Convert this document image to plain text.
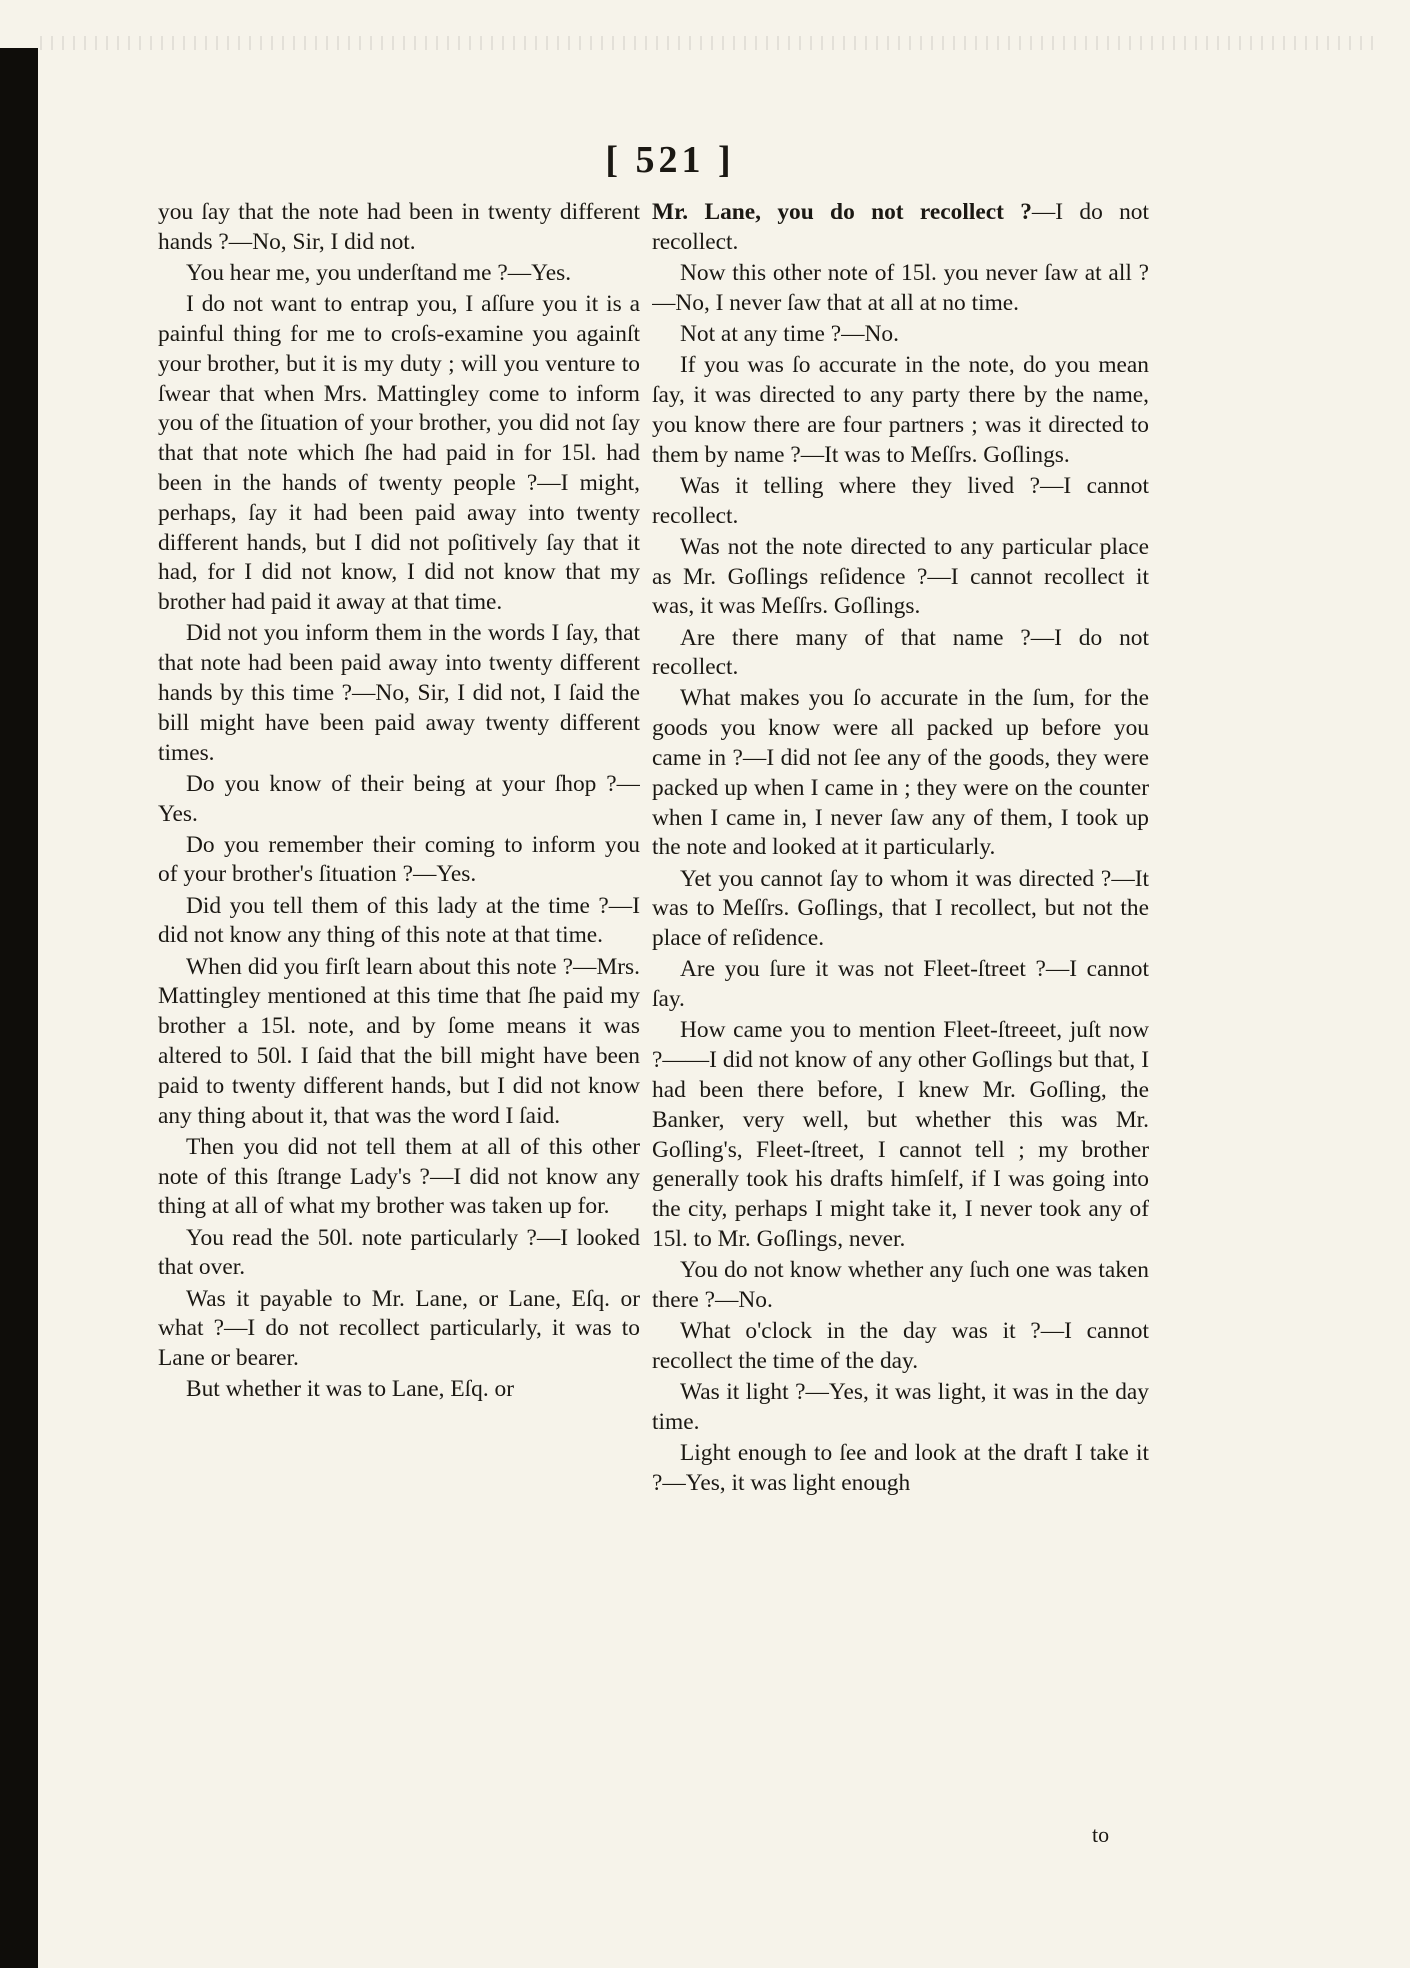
[ 521 ]

you ſay that the note had been in twenty different hands ?—No, Sir, I did not.

You hear me, you underſtand me ?—Yes.

I do not want to entrap you, I aſſure you it is a painful thing for me to croſs-examine you againſt your brother, but it is my duty ; will you venture to ſwear that when Mrs. Mattingley come to inform you of the ſituation of your brother, you did not ſay that that note which ſhe had paid in for 15l. had been in the hands of twenty people ?—I might, perhaps, ſay it had been paid away into twenty different hands, but I did not poſitively ſay that it had, for I did not know, I did not know that my brother had paid it away at that time.

Did not you inform them in the words I ſay, that that note had been paid away into twenty different hands by this time ?—No, Sir, I did not, I ſaid the bill might have been paid away twenty different times.

Do you know of their being at your ſhop ?—Yes.

Do you remember their coming to inform you of your brother's ſituation ?—Yes.

Did you tell them of this lady at the time ?—I did not know any thing of this note at that time.

When did you firſt learn about this note ?—Mrs. Mattingley mentioned at this time that ſhe paid my brother a 15l. note, and by ſome means it was altered to 50l. I ſaid that the bill might have been paid to twenty different hands, but I did not know any thing about it, that was the word I ſaid.

Then you did not tell them at all of this other note of this ſtrange Lady's ?—I did not know any thing at all of what my brother was taken up for.

You read the 50l. note particularly ?—I looked that over.

Was it payable to Mr. Lane, or Lane, Eſq. or what ?—I do not recollect particularly, it was to Lane or bearer.

But whether it was to Lane, Eſq. or

Mr. Lane, you do not recollect ?—I do not recollect.

Now this other note of 15l. you never ſaw at all ?—No, I never ſaw that at all at no time.

Not at any time ?—No.

If you was ſo accurate in the note, do you mean ſay, it was directed to any party there by the name, you know there are four partners ; was it directed to them by name ?—It was to Meſſrs. Goſlings.

Was it telling where they lived ?—I cannot recollect.

Was not the note directed to any particular place as Mr. Goſlings reſidence ?—I cannot recollect it was, it was Meſſrs. Goſlings.

Are there many of that name ?—I do not recollect.

What makes you ſo accurate in the ſum, for the goods you know were all packed up before you came in ?—I did not ſee any of the goods, they were packed up when I came in ; they were on the counter when I came in, I never ſaw any of them, I took up the note and looked at it particularly.

Yet you cannot ſay to whom it was directed ?—It was to Meſſrs. Goſlings, that I recollect, but not the place of reſidence.

Are you ſure it was not Fleet-ſtreet ?—I cannot ſay.

How came you to mention Fleet-ſtreeet, juſt now ?——I did not know of any other Goſlings but that, I had been there before, I knew Mr. Goſling, the Banker, very well, but whether this was Mr. Goſling's, Fleet-ſtreet, I cannot tell ; my brother generally took his drafts himſelf, if I was going into the city, perhaps I might take it, I never took any of 15l. to Mr. Goſlings, never.

You do not know whether any ſuch one was taken there ?—No.

What o'clock in the day was it ?—I cannot recollect the time of the day.

Was it light ?—Yes, it was light, it was in the day time.

Light enough to ſee and look at the draft I take it ?—Yes, it was light enough

to
